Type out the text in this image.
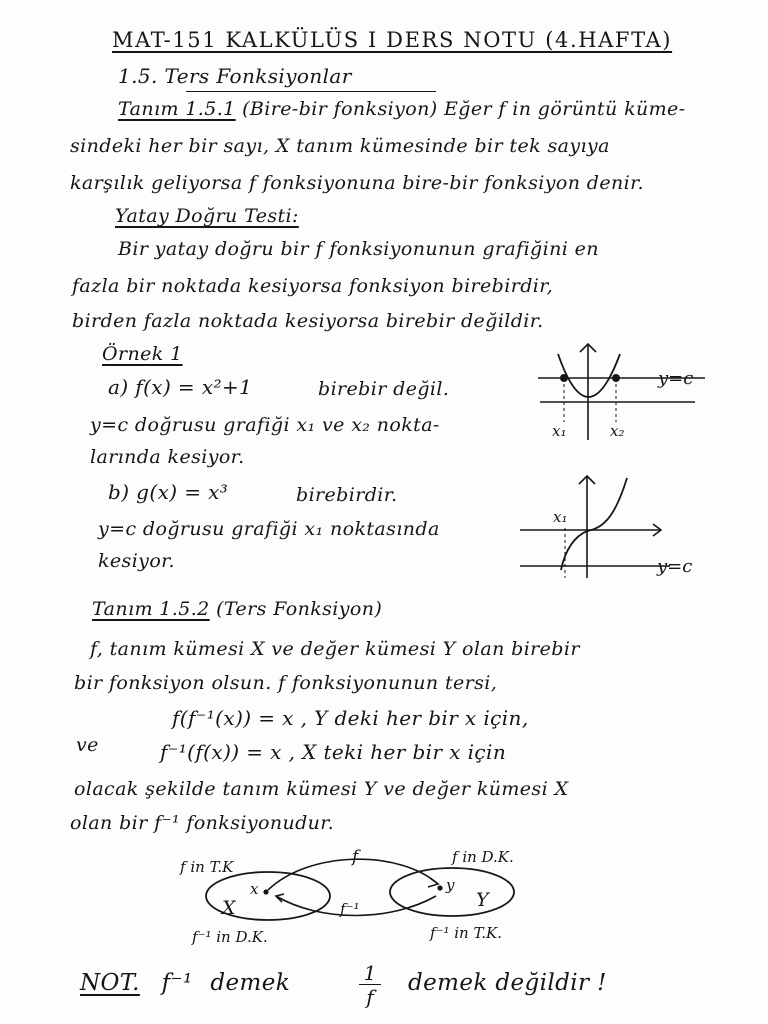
MAT-151 KALKÜLÜS I DERS NOTU (4.HAFTA)
1.5. Ters Fonksiyonlar
Tanım 1.5.1 (Bire-bir fonksiyon) Eğer f in görüntü küme-
sindeki her bir sayı, X tanım kümesinde bir tek sayıya
karşılık geliyorsa f fonksiyonuna bire-bir fonksiyon denir.
Yatay Doğru Testi:
Bir yatay doğru bir f fonksiyonunun grafiğini en
fazla bir noktada kesiyorsa fonksiyon birebirdir,
birden fazla noktada kesiyorsa birebir değildir.
Örnek 1
a) f(x) = x²+1	birebir değil.
y=c doğrusu grafiği x₁ ve x₂ nokta-
larında kesiyor.
b) g(x) = x³	birebirdir.
y=c doğrusu grafiği x₁ noktasında
kesiyor.
y=c
x₁	x₂
x₁
y=c
Tanım 1.5.2 (Ters Fonksiyon)
f, tanım kümesi X ve değer kümesi Y olan birebir
bir fonksiyon olsun. f fonksiyonunun tersi,
f(f⁻¹(x)) = x , Y deki her bir x için,
ve	f⁻¹(f(x)) = x , X teki her bir x için
olacak şekilde tanım kümesi Y ve değer kümesi X
olan bir f⁻¹ fonksiyonudur.
f in T.K	f	f in D.K.
x	y
X	Y
f⁻¹
f⁻¹ in D.K.	f⁻¹ in T.K.
NOT. f⁻¹ demek	$\frac{1}{f}$ demek değildir !
